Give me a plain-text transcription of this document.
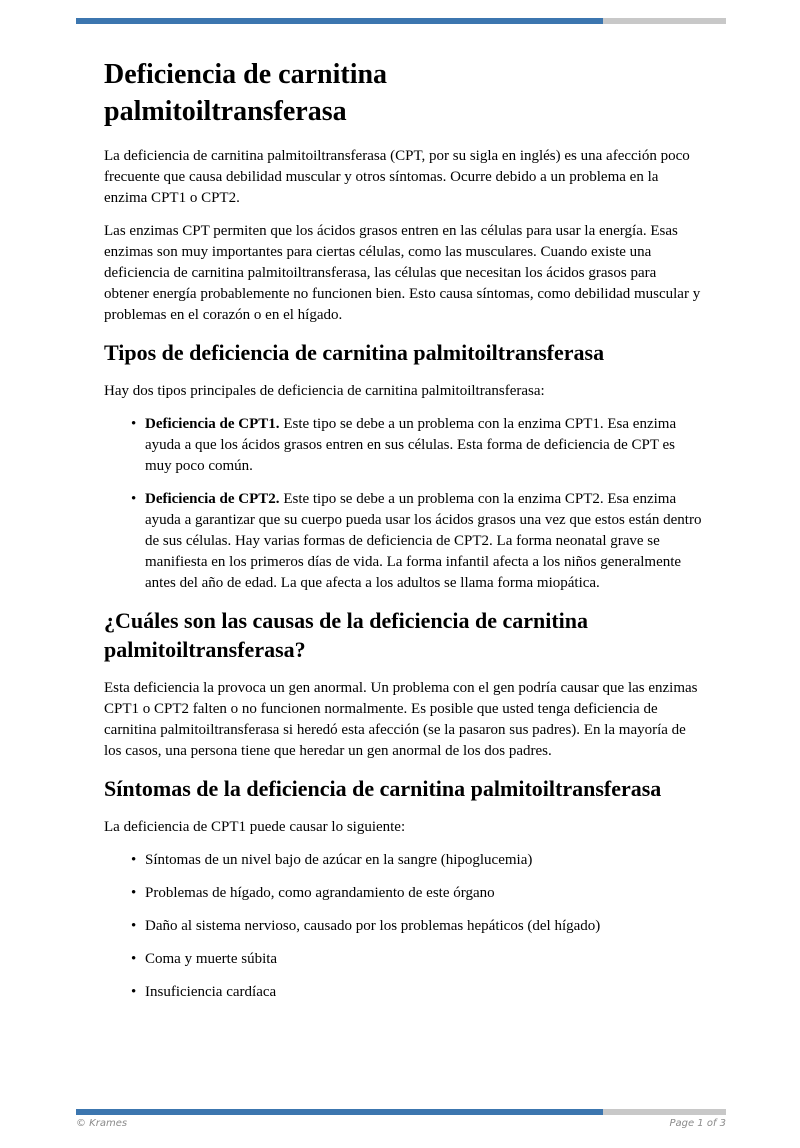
Deficiencia de carnitina palmitoiltransferasa

La deficiencia de carnitina palmitoiltransferasa (CPT, por su sigla en inglés) es una afección poco frecuente que causa debilidad muscular y otros síntomas. Ocurre debido a un problema en la enzima CPT1 o CPT2.

Las enzimas CPT permiten que los ácidos grasos entren en las células para usar la energía. Esas enzimas son muy importantes para ciertas células, como las musculares. Cuando existe una deficiencia de carnitina palmitoiltransferasa, las células que necesitan los ácidos grasos para obtener energía probablemente no funcionen bien. Esto causa síntomas, como debilidad muscular y problemas en el corazón o en el hígado.

Tipos de deficiencia de carnitina palmitoiltransferasa

Hay dos tipos principales de deficiencia de carnitina palmitoiltransferasa:

• Deficiencia de CPT1. Este tipo se debe a un problema con la enzima CPT1. Esa enzima ayuda a que los ácidos grasos entren en sus células. Esta forma de deficiencia de CPT es muy poco común.
• Deficiencia de CPT2. Este tipo se debe a un problema con la enzima CPT2. Esa enzima ayuda a garantizar que su cuerpo pueda usar los ácidos grasos una vez que estos están dentro de sus células. Hay varias formas de deficiencia de CPT2. La forma neonatal grave se manifiesta en los primeros días de vida. La forma infantil afecta a los niños generalmente antes del año de edad. La que afecta a los adultos se llama forma miopática.
¿Cuáles son las causas de la deficiencia de carnitina palmitoiltransferasa?

Esta deficiencia la provoca un gen anormal. Un problema con el gen podría causar que las enzimas CPT1 o CPT2 falten o no funcionen normalmente. Es posible que usted tenga deficiencia de carnitina palmitoiltransferasa si heredó esta afección (se la pasaron sus padres). En la mayoría de los casos, una persona tiene que heredar un gen anormal de los dos padres.

Síntomas de la deficiencia de carnitina palmitoiltransferasa

La deficiencia de CPT1 puede causar lo siguiente:

• Síntomas de un nivel bajo de azúcar en la sangre (hipoglucemia)
• Problemas de hígado, como agrandamiento de este órgano
• Daño al sistema nervioso, causado por los problemas hepáticos (del hígado)
• Coma y muerte súbita
• Insuficiencia cardíaca
© Krames	Page 1 of 3
